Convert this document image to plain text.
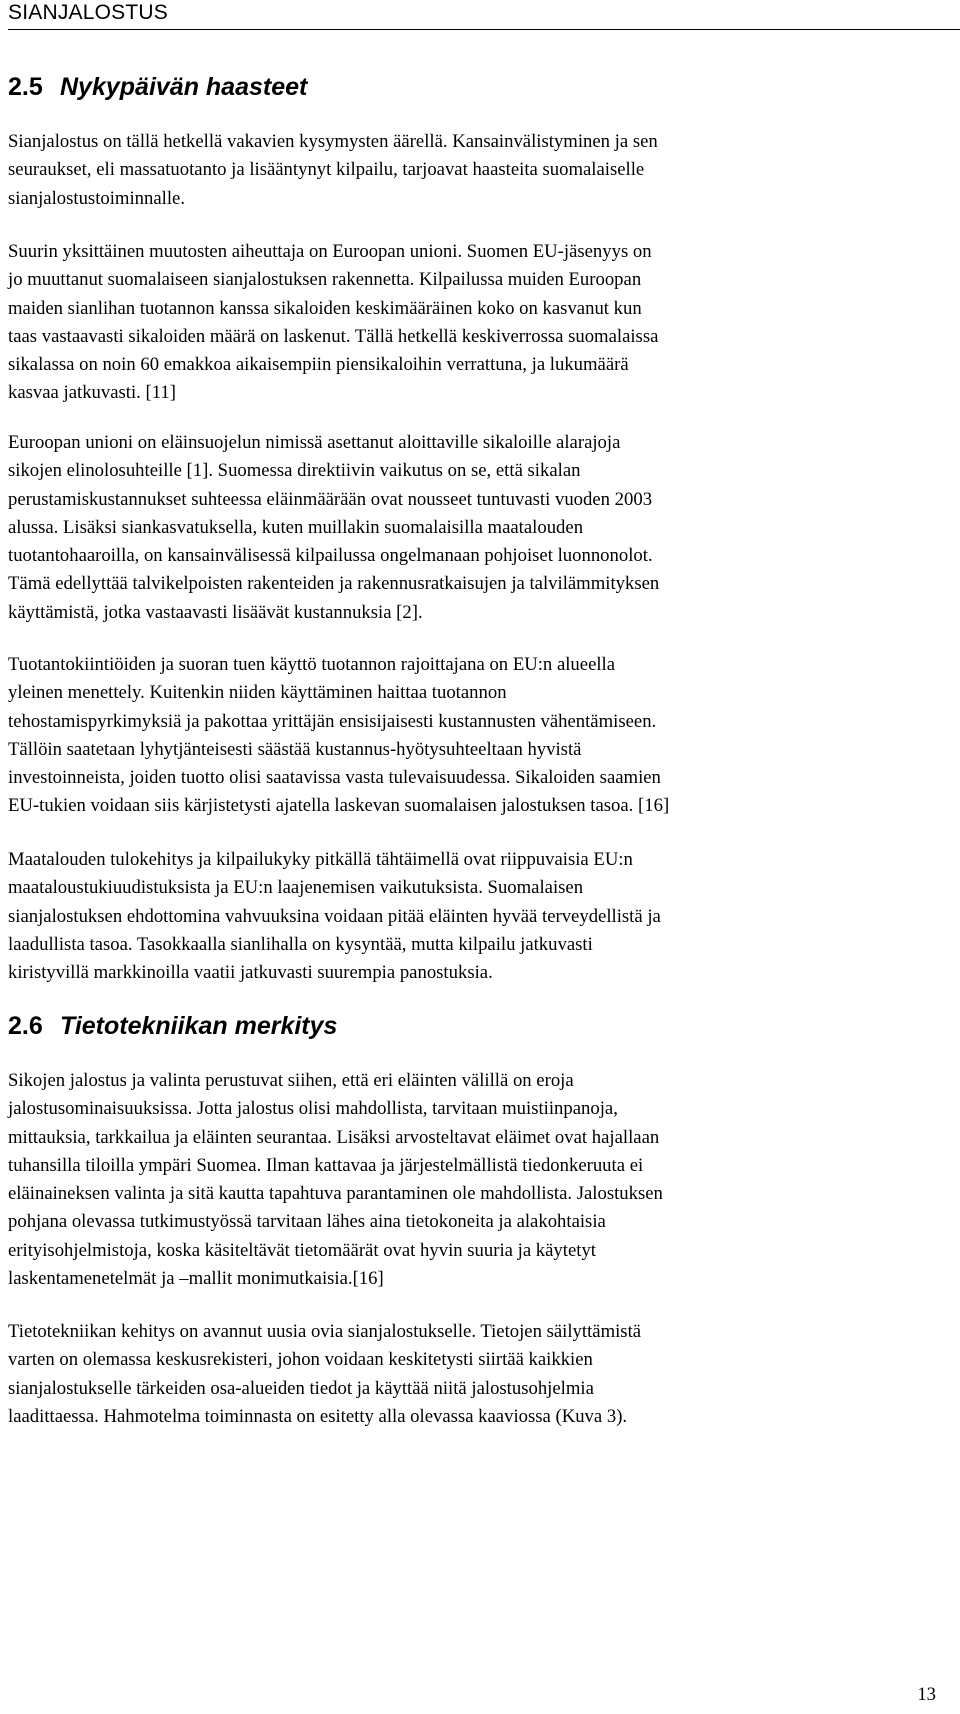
SIANJALOSTUS
2.5 Nykypäivän haasteet

Sianjalostus on tällä hetkellä vakavien kysymysten äärellä. Kansainvälistyminen ja sen
seuraukset, eli massatuotanto ja lisääntynyt kilpailu, tarjoavat haasteita suomalaiselle
sianjalostustoiminnalle.

Suurin yksittäinen muutosten aiheuttaja on Euroopan unioni. Suomen EU-jäsenyys on
jo muuttanut suomalaiseen sianjalostuksen rakennetta. Kilpailussa muiden Euroopan
maiden sianlihan tuotannon kanssa sikaloiden keskimääräinen koko on kasvanut kun
taas vastaavasti sikaloiden määrä on laskenut. Tällä hetkellä keskiverrossa suomalaissa
sikalassa on noin 60 emakkoa aikaisempiin piensikaloihin verrattuna, ja lukumäärä
kasvaa jatkuvasti. [11]

Euroopan unioni on eläinsuojelun nimissä asettanut aloittaville sikaloille alarajoja
sikojen elinolosuhteille [1]. Suomessa direktiivin vaikutus on se, että sikalan
perustamiskustannukset suhteessa eläinmäärään ovat nousseet tuntuvasti vuoden 2003
alussa. Lisäksi siankasvatuksella, kuten muillakin suomalaisilla maatalouden
tuotantohaaroilla, on kansainvälisessä kilpailussa ongelmanaan pohjoiset luonnonolot.
Tämä edellyttää talvikelpoisten rakenteiden ja rakennusratkaisujen ja talvilämmityksen
käyttämistä, jotka vastaavasti lisäävät kustannuksia [2].

Tuotantokiintiöiden ja suoran tuen käyttö tuotannon rajoittajana on EU:n alueella
yleinen menettely. Kuitenkin niiden käyttäminen haittaa tuotannon
tehostamispyrkimyksiä ja pakottaa yrittäjän ensisijaisesti kustannusten vähentämiseen.
Tällöin saatetaan lyhytjänteisesti säästää kustannus-hyötysuhteeltaan hyvistä
investoinneista, joiden tuotto olisi saatavissa vasta tulevaisuudessa. Sikaloiden saamien
EU-tukien voidaan siis kärjistetysti ajatella laskevan suomalaisen jalostuksen tasoa. [16]

Maatalouden tulokehitys ja kilpailukyky pitkällä tähtäimellä ovat riippuvaisia EU:n
maataloustukiuudistuksista ja EU:n laajenemisen vaikutuksista. Suomalaisen
sianjalostuksen ehdottomina vahvuuksina voidaan pitää eläinten hyvää terveydellistä ja
laadullista tasoa. Tasokkaalla sianlihalla on kysyntää, mutta kilpailu jatkuvasti
kiristyvillä markkinoilla vaatii jatkuvasti suurempia panostuksia.

2.6 Tietotekniikan merkitys

Sikojen jalostus ja valinta perustuvat siihen, että eri eläinten välillä on eroja
jalostusominaisuuksissa. Jotta jalostus olisi mahdollista, tarvitaan muistiinpanoja,
mittauksia, tarkkailua ja eläinten seurantaa. Lisäksi arvosteltavat eläimet ovat hajallaan
tuhansilla tiloilla ympäri Suomea. Ilman kattavaa ja järjestelmällistä tiedonkeruuta ei
eläinaineksen valinta ja sitä kautta tapahtuva parantaminen ole mahdollista. Jalostuksen
pohjana olevassa tutkimustyössä tarvitaan lähes aina tietokoneita ja alakohtaisia
erityisohjelmistoja, koska käsiteltävät tietomäärät ovat hyvin suuria ja käytetyt
laskentamenetelmät ja –mallit monimutkaisia.[16]

Tietotekniikan kehitys on avannut uusia ovia sianjalostukselle. Tietojen säilyttämistä
varten on olemassa keskusrekisteri, johon voidaan keskitetysti siirtää kaikkien
sianjalostukselle tärkeiden osa-alueiden tiedot ja käyttää niitä jalostusohjelmia
laadittaessa. Hahmotelma toiminnasta on esitetty alla olevassa kaaviossa (Kuva 3).

13
